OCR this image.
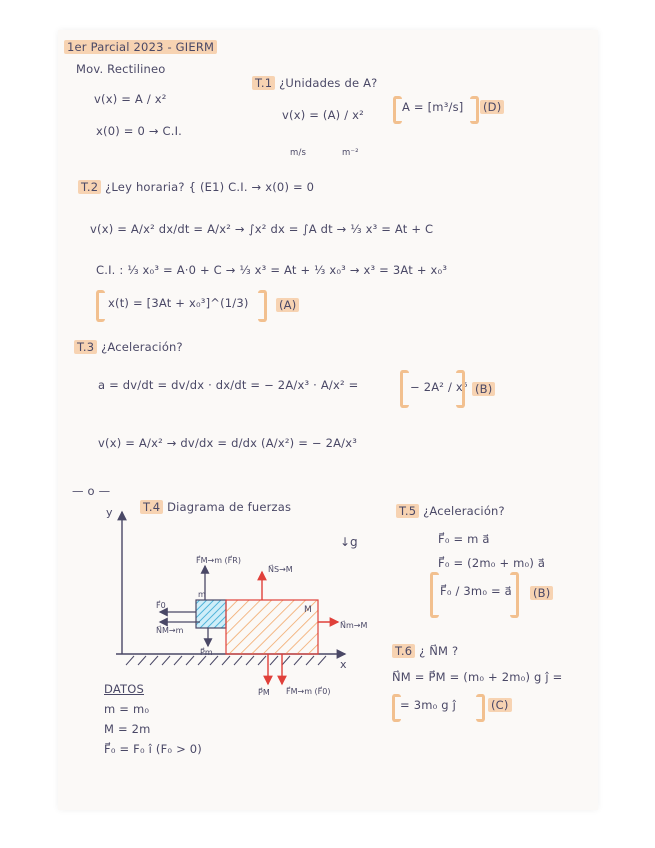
1er Parcial 2023 - GIERM
Mov. Rectilineo
v(x) = A / x²
x(0) = 0 → C.I.
T.1 ¿Unidades de A?
v(x) = (A) / x²
m/s	m⁻²
A = [m³/s] (D)
T.2 ¿Ley horaria? { (E1) C.I. → x(0) = 0
v(x) = A/x² dx/dt = A/x² → ∫x² dx = ∫A dt → ⅓ x³ = At + C
C.I. : ⅓ x₀³ = A·0 + C → ⅓ x³ = At + ⅓ x₀³ → x³ = 3At + x₀³
x(t) = [3At + x₀³]^(1/3)	(A)
T.3 ¿Aceleración?
a = dv/dt = dv/dx · dx/dt = − 2A/x³ · A/x² =	− 2A² / x⁵ (B)
v(x) = A/x² → dv/dx = d/dx (A/x²) = − 2A/x³
— o —
T.4 Diagrama de fuerzas
y
x
↓g
m
M
F⃗M→m (F⃗R)
N⃗S→M
F⃗0
N⃗M→m
P⃗m
N⃗m→M
P⃗M F⃗M→m (F⃗0)
DATOS
m = m₀
M = 2m
F⃗₀ = F₀ î (F₀ > 0)
T.5 ¿Aceleración?
F⃗₀ = m a⃗
F⃗₀ = (2m₀ + m₀) a⃗
F⃗₀ / 3m₀ = a⃗ (B)
T.6 ¿ N⃗M ?
N⃗M = P⃗M = (m₀ + 2m₀) g ĵ =
= 3m₀ g ĵ	(C)
